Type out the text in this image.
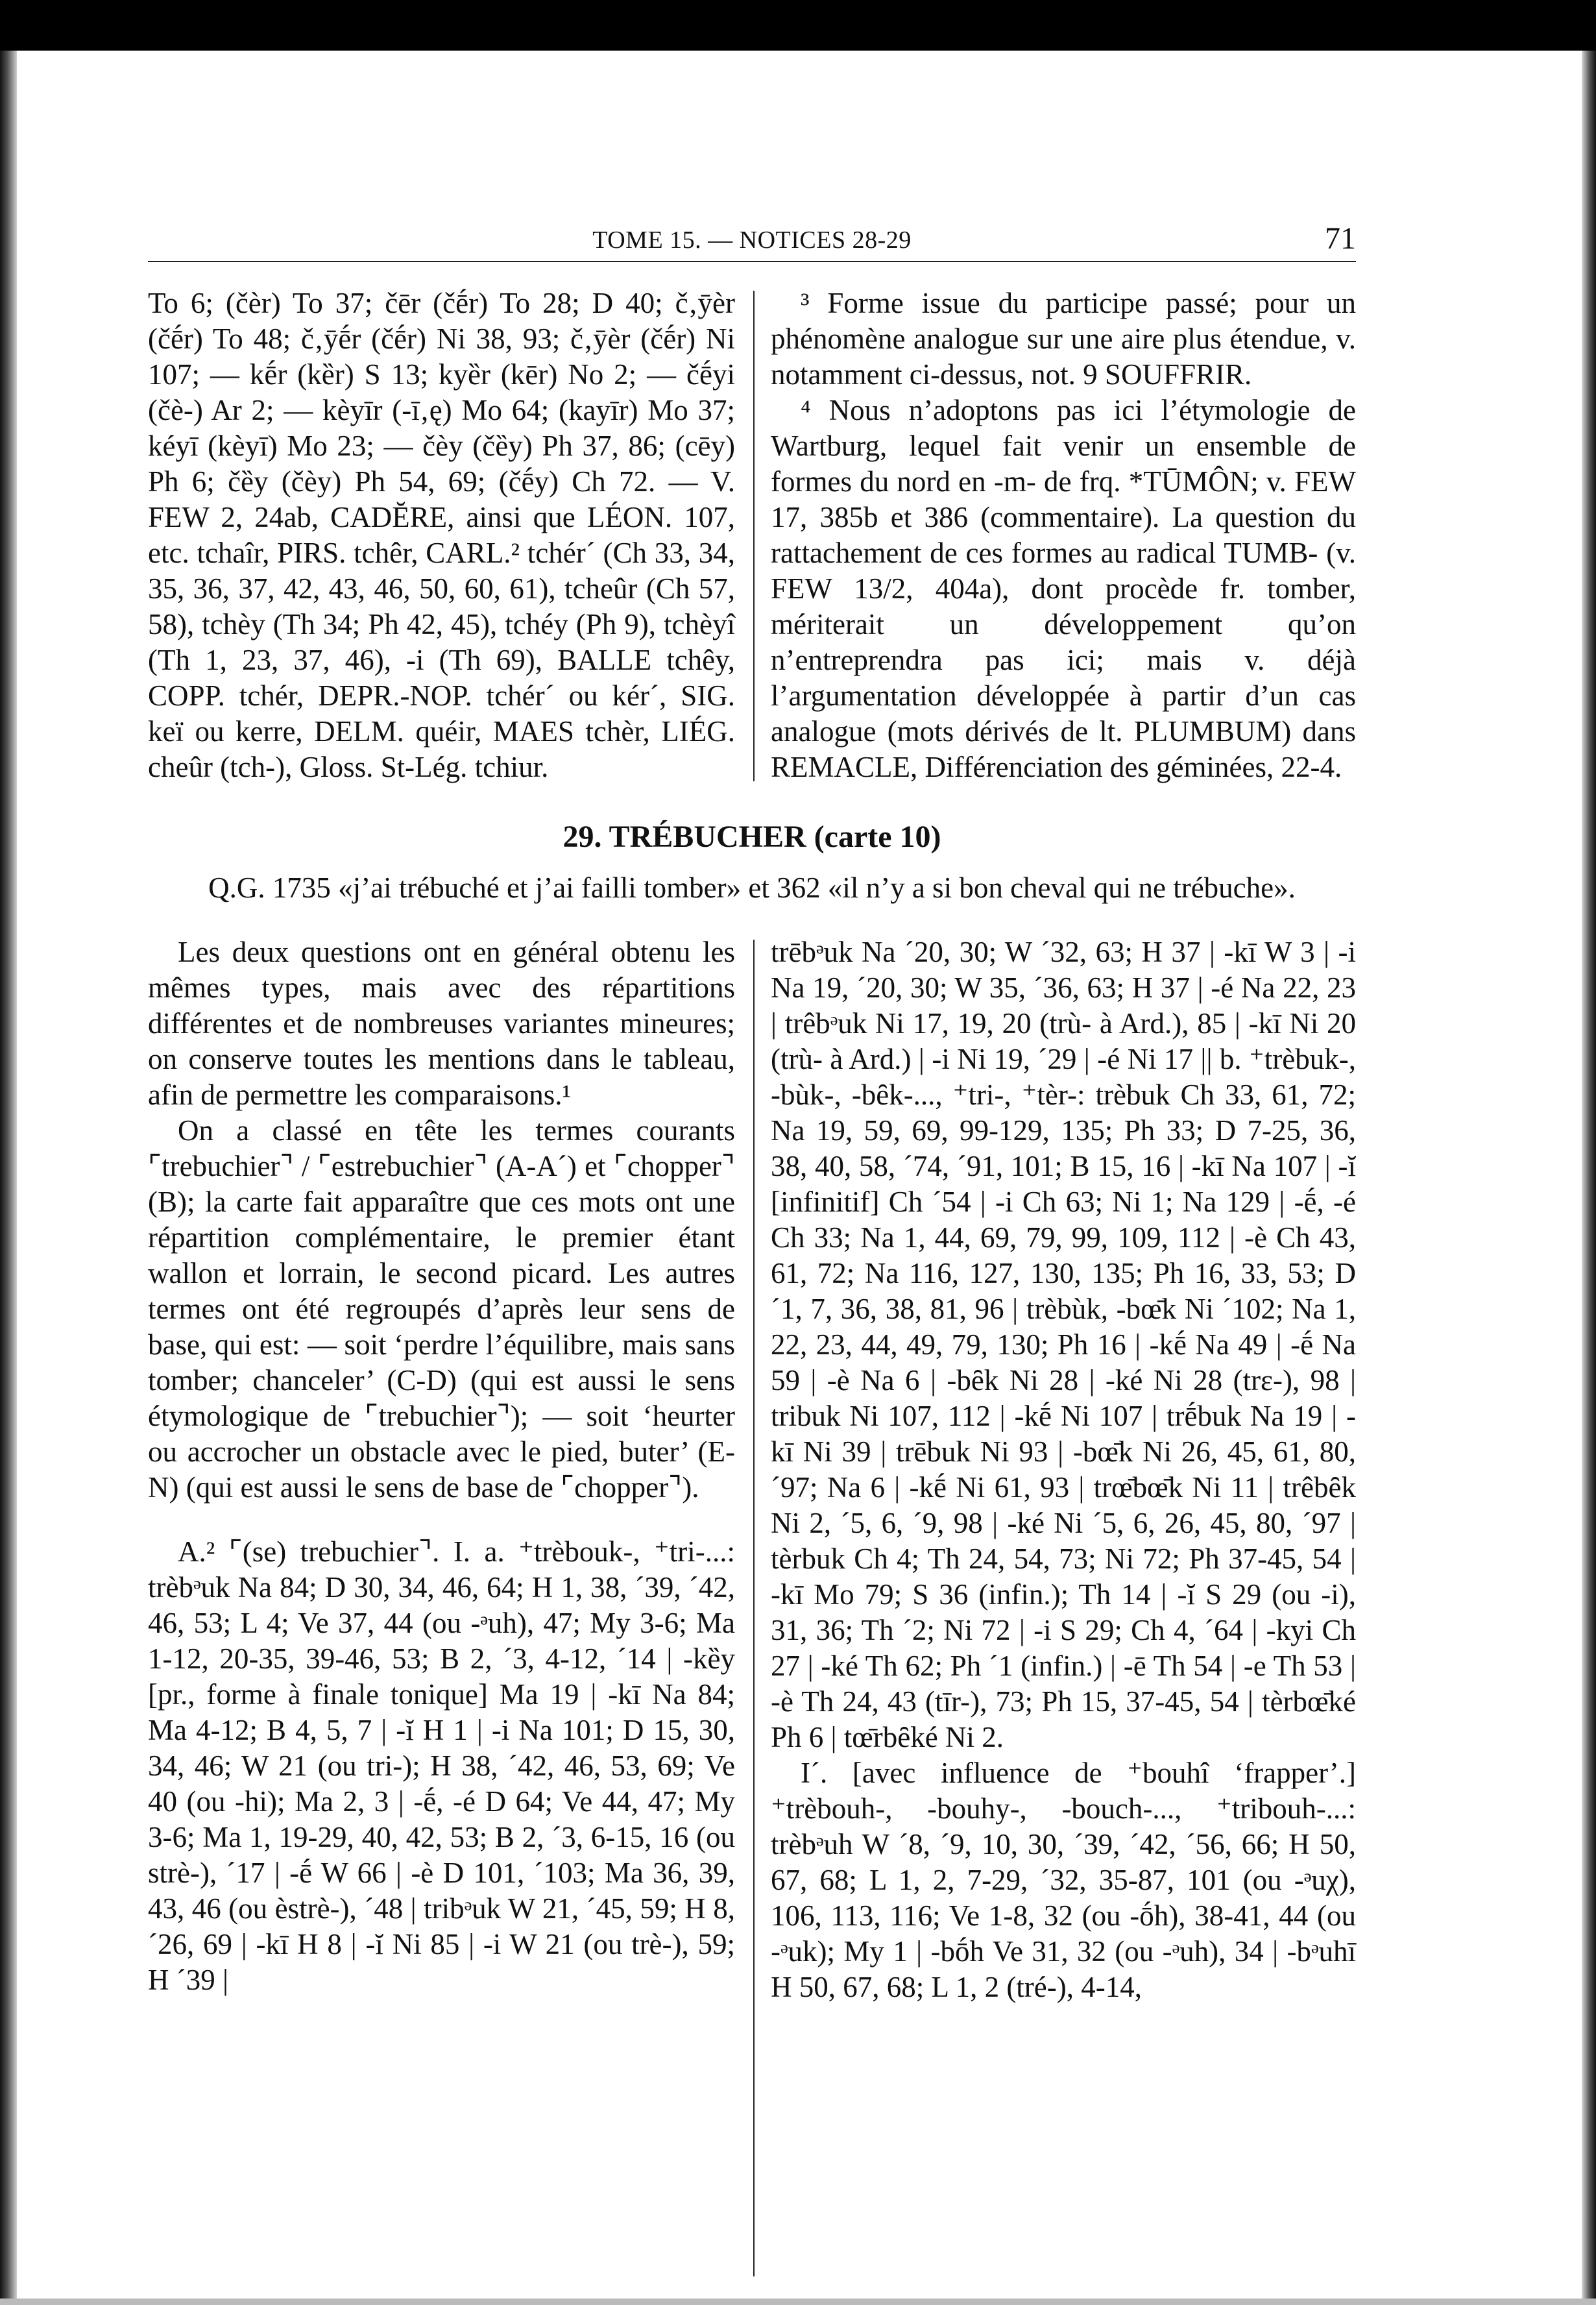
TOME 15. — NOTICES 28-29	71

To 6; (čèr) To 37; čēr (čḗr) To 28; D 40; č‚ȳèr (čḗr) To 48; č‚ȳḗr (čḗr) Ni 38, 93; č‚ȳèr (čḗr) Ni 107; — kḗr (kȅr) S 13; kyȅr (kēr) No 2; — čḗyi (čè-) Ar 2; — kèyīr (-ī‚ę) Mo 64; (kayīr) Mo 37; kéyī (kèyī) Mo 23; — čèy (čȅy) Ph 37, 86; (cēy) Ph 6; čȅy (čèy) Ph 54, 69; (čḗy) Ch 72. — V. FEW 2, 24ab, CADĔRE, ainsi que LÉON. 107, etc. tchaîr, PIRS. tchêr, CARL.² tchér´ (Ch 33, 34, 35, 36, 37, 42, 43, 46, 50, 60, 61), tcheûr (Ch 57, 58), tchèy (Th 34; Ph 42, 45), tchéy (Ph 9), tchèyî (Th 1, 23, 37, 46), -i (Th 69), BALLE tchêy, COPP. tchér, DEPR.-NOP. tchér´ ou kér´, SIG. keï ou kerre, DELM. quéir, MAES tchèr, LIÉG. cheûr (tch-), Gloss. St-Lég. tchiur.

³ Forme issue du participe passé; pour un phénomène analogue sur une aire plus étendue, v. notamment ci-dessus, not. 9 SOUFFRIR.

⁴ Nous n’adoptons pas ici l’étymologie de Wartburg, lequel fait venir un ensemble de formes du nord en -m- de frq. *TŪMÔN; v. FEW 17, 385b et 386 (commentaire). La question du rattachement de ces formes au radical TUMB- (v. FEW 13/2, 404a), dont procède fr. tomber, mériterait un développement qu’on n’entreprendra pas ici; mais v. déjà l’argumentation développée à partir d’un cas analogue (mots dérivés de lt. PLUMBUM) dans REMACLE, Différenciation des géminées, 22-4.

29. TRÉBUCHER (carte 10)
Q.G. 1735 «j’ai trébuché et j’ai failli tomber» et 362 «il n’y a si bon cheval qui ne trébuche».

Les deux questions ont en général obtenu les mêmes types, mais avec des répartitions différentes et de nombreuses variantes mineures; on conserve toutes les mentions dans le tableau, afin de permettre les comparaisons.¹

On a classé en tête les termes courants ⌜trebuchier⌝ / ⌜estrebuchier⌝ (A-A´) et ⌜chopper⌝ (B); la carte fait apparaître que ces mots ont une répartition complémentaire, le premier étant wallon et lorrain, le second picard. Les autres termes ont été regroupés d’après leur sens de base, qui est: — soit ‘perdre l’équilibre, mais sans tomber; chanceler’ (C-D) (qui est aussi le sens étymologique de ⌜trebuchier⌝); — soit ‘heurter ou accrocher un obstacle avec le pied, buter’ (E-N) (qui est aussi le sens de base de ⌜chopper⌝).

A.² ⌜(se) trebuchier⌝. I. a. ⁺trèbouk-, ⁺tri-...: trèbᵊuk Na 84; D 30, 34, 46, 64; H 1, 38, ´39, ´42, 46, 53; L 4; Ve 37, 44 (ou -ᵊuh), 47; My 3-6; Ma 1-12, 20-35, 39-46, 53; B 2, ´3, 4-12, ´14 | -kȅy [pr., forme à finale tonique] Ma 19 | -kī Na 84; Ma 4-12; B 4, 5, 7 | -ĭ H 1 | -i Na 101; D 15, 30, 34, 46; W 21 (ou tri-); H 38, ´42, 46, 53, 69; Ve 40 (ou -hi); Ma 2, 3 | -ḗ, -é D 64; Ve 44, 47; My 3-6; Ma 1, 19-29, 40, 42, 53; B 2, ´3, 6-15, 16 (ou strè-), ´17 | -ḗ W 66 | -è D 101, ´103; Ma 36, 39, 43, 46 (ou èstrè-), ´48 | tribᵊuk W 21, ´45, 59; H 8, ´26, 69 | -kī H 8 | -ĭ Ni 85 | -i W 21 (ou trè-), 59; H ´39 |

trēbᵊuk Na ´20, 30; W ´32, 63; H 37 | -kī W 3 | -i Na 19, ´20, 30; W 35, ´36, 63; H 37 | -é Na 22, 23 | trêbᵊuk Ni 17, 19, 20 (trù- à Ard.), 85 | -kī Ni 20 (trù- à Ard.) | -i Ni 19, ´29 | -é Ni 17 || b. ⁺trèbuk-, -bùk-, -bȇk-..., ⁺tri-, ⁺tèr-: trèbuk Ch 33, 61, 72; Na 19, 59, 69, 99-129, 135; Ph 33; D 7-25, 36, 38, 40, 58, ´74, ´91, 101; B 15, 16 | -kī Na 107 | -ĭ [infinitif] Ch ´54 | -i Ch 63; Ni 1; Na 129 | -ḗ, -é Ch 33; Na 1, 44, 69, 79, 99, 109, 112 | -è Ch 43, 61, 72; Na 116, 127, 130, 135; Ph 16, 33, 53; D ´1, 7, 36, 38, 81, 96 | trèbùk, -bœ̄k Ni ´102; Na 1, 22, 23, 44, 49, 79, 130; Ph 16 | -kḗ Na 49 | -ḗ Na 59 | -è Na 6 | -bȇk Ni 28 | -ké Ni 28 (trɛ-), 98 | tribuk Ni 107, 112 | -kḗ Ni 107 | trḗbuk Na 19 | -kī Ni 39 | trēbuk Ni 93 | -bœ̄k Ni 26, 45, 61, 80, ´97; Na 6 | -kḗ Ni 61, 93 | trœ̄bœ̄k Ni 11 | trêbȇk Ni 2, ´5, 6, ´9, 98 | -ké Ni ´5, 6, 26, 45, 80, ´97 | tèrbuk Ch 4; Th 24, 54, 73; Ni 72; Ph 37-45, 54 | -kī Mo 79; S 36 (infin.); Th 14 | -ĭ S 29 (ou -i), 31, 36; Th ´2; Ni 72 | -i S 29; Ch 4, ´64 | -kyi Ch 27 | -ké Th 62; Ph ´1 (infin.) | -ē Th 54 | -e Th 53 | -è Th 24, 43 (tīr-), 73; Ph 15, 37-45, 54 | tèrbœ̄ké Ph 6 | tœ̄rbȇké Ni 2.

I´. [avec influence de ⁺bouhî ‘frapper’.] ⁺trèbouh-, -bouhy-, -bouch-..., ⁺tribouh-...: trèbᵊuh W ´8, ´9, 10, 30, ´39, ´42, ´56, 66; H 50, 67, 68; L 1, 2, 7-29, ´32, 35-87, 101 (ou -ᵊuχ), 106, 113, 116; Ve 1-8, 32 (ou -ṓh), 38-41, 44 (ou -ᵊuk); My 1 | -bṓh Ve 31, 32 (ou -ᵊuh), 34 | -bᵊuhī H 50, 67, 68; L 1, 2 (tré-), 4-14,
